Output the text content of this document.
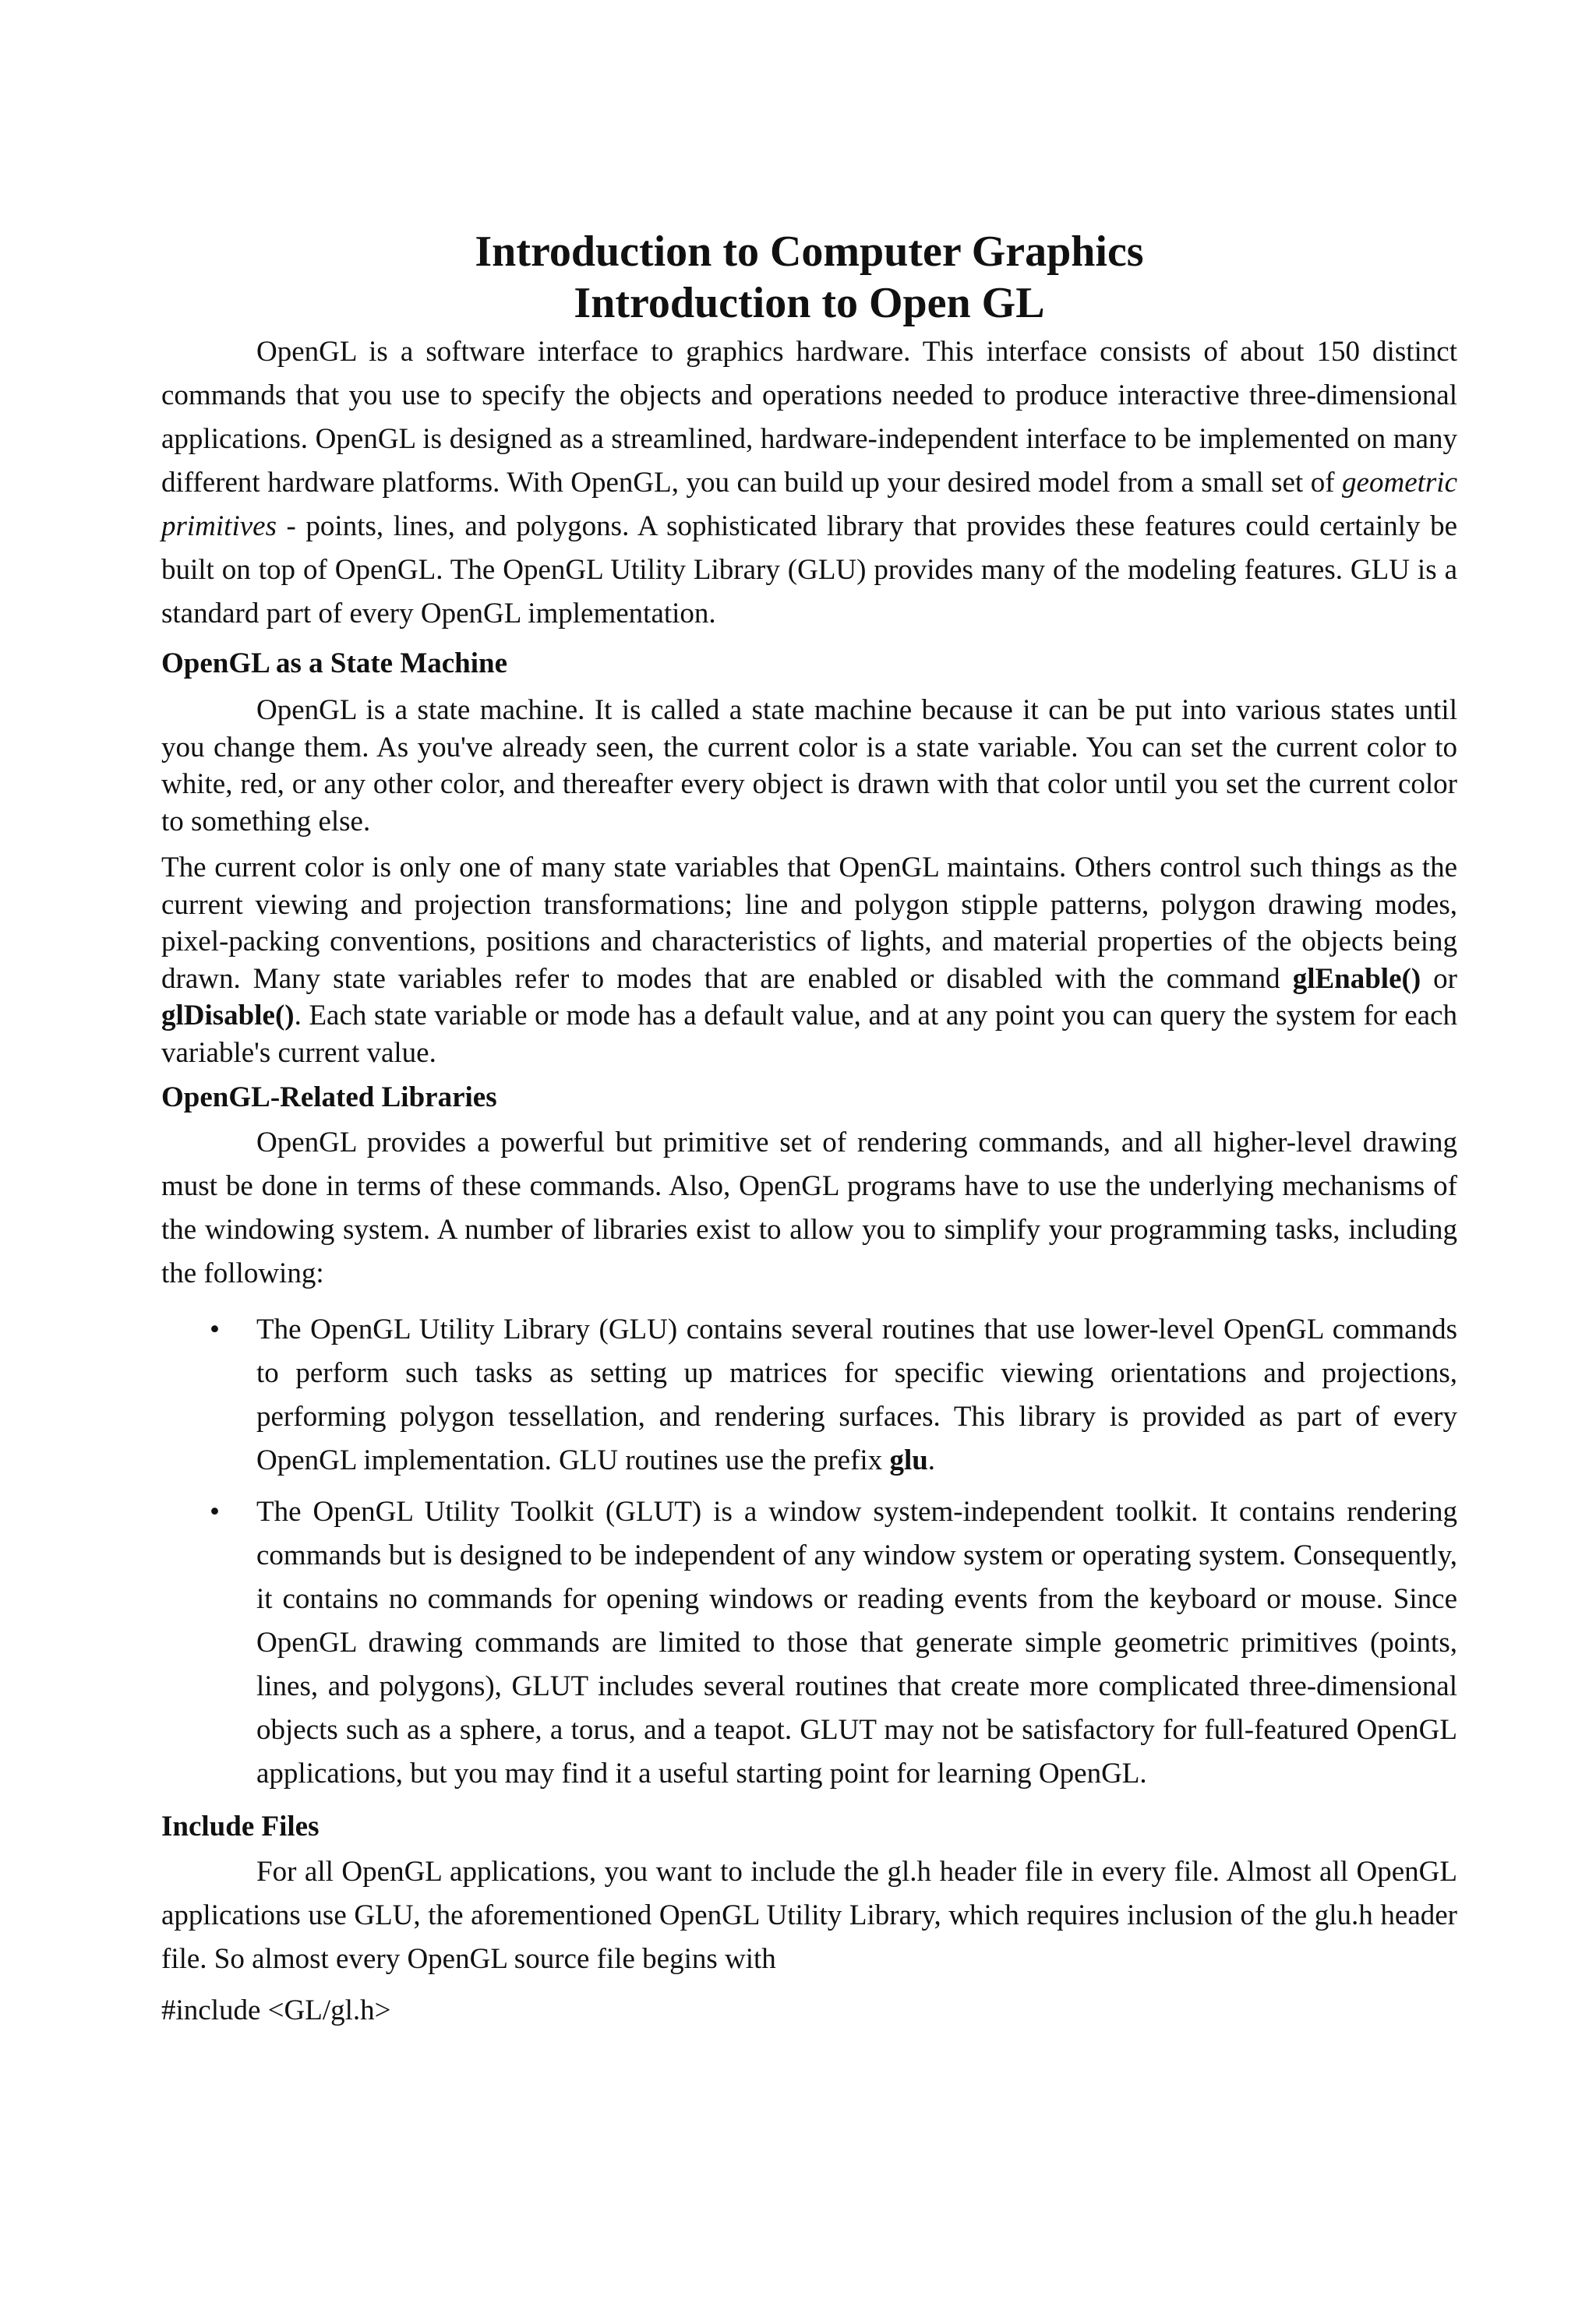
Introduction to Computer Graphics
Introduction to Open GL

OpenGL is a software interface to graphics hardware. This interface consists of about 150 distinct commands that you use to specify the objects and operations needed to produce interactive three-dimensional applications. OpenGL is designed as a streamlined, hardware-independent interface to be implemented on many different hardware platforms. With OpenGL, you can build up your desired model from a small set of geometric primitives - points, lines, and polygons. A sophisticated library that provides these features could certainly be built on top of OpenGL. The OpenGL Utility Library (GLU) provides many of the modeling features. GLU is a standard part of every OpenGL implementation.

OpenGL as a State Machine

OpenGL is a state machine. It is called a state machine because it can be put into various states until you change them. As you've already seen, the current color is a state variable. You can set the current color to white, red, or any other color, and thereafter every object is drawn with that color until you set the current color to something else.

The current color is only one of many state variables that OpenGL maintains. Others control such things as the current viewing and projection transformations; line and polygon stipple patterns, polygon drawing modes, pixel-packing conventions, positions and characteristics of lights, and material properties of the objects being drawn. Many state variables refer to modes that are enabled or disabled with the command glEnable() or glDisable(). Each state variable or mode has a default value, and at any point you can query the system for each variable's current value.

OpenGL-Related Libraries

OpenGL provides a powerful but primitive set of rendering commands, and all higher-level drawing must be done in terms of these commands. Also, OpenGL programs have to use the underlying mechanisms of the windowing system. A number of libraries exist to allow you to simplify your programming tasks, including the following:

• The OpenGL Utility Library (GLU) contains several routines that use lower-level OpenGL commands to perform such tasks as setting up matrices for specific viewing orientations and projections, performing polygon tessellation, and rendering surfaces. This library is provided as part of every OpenGL implementation. GLU routines use the prefix glu.

• The OpenGL Utility Toolkit (GLUT) is a window system-independent toolkit. It contains rendering commands but is designed to be independent of any window system or operating system. Consequently, it contains no commands for opening windows or reading events from the keyboard or mouse. Since OpenGL drawing commands are limited to those that generate simple geometric primitives (points, lines, and polygons), GLUT includes several routines that create more complicated three-dimensional objects such as a sphere, a torus, and a teapot. GLUT may not be satisfactory for full-featured OpenGL applications, but you may find it a useful starting point for learning OpenGL.

Include Files

For all OpenGL applications, you want to include the gl.h header file in every file. Almost all OpenGL applications use GLU, the aforementioned OpenGL Utility Library, which requires inclusion of the glu.h header file. So almost every OpenGL source file begins with

#include <GL/gl.h>
